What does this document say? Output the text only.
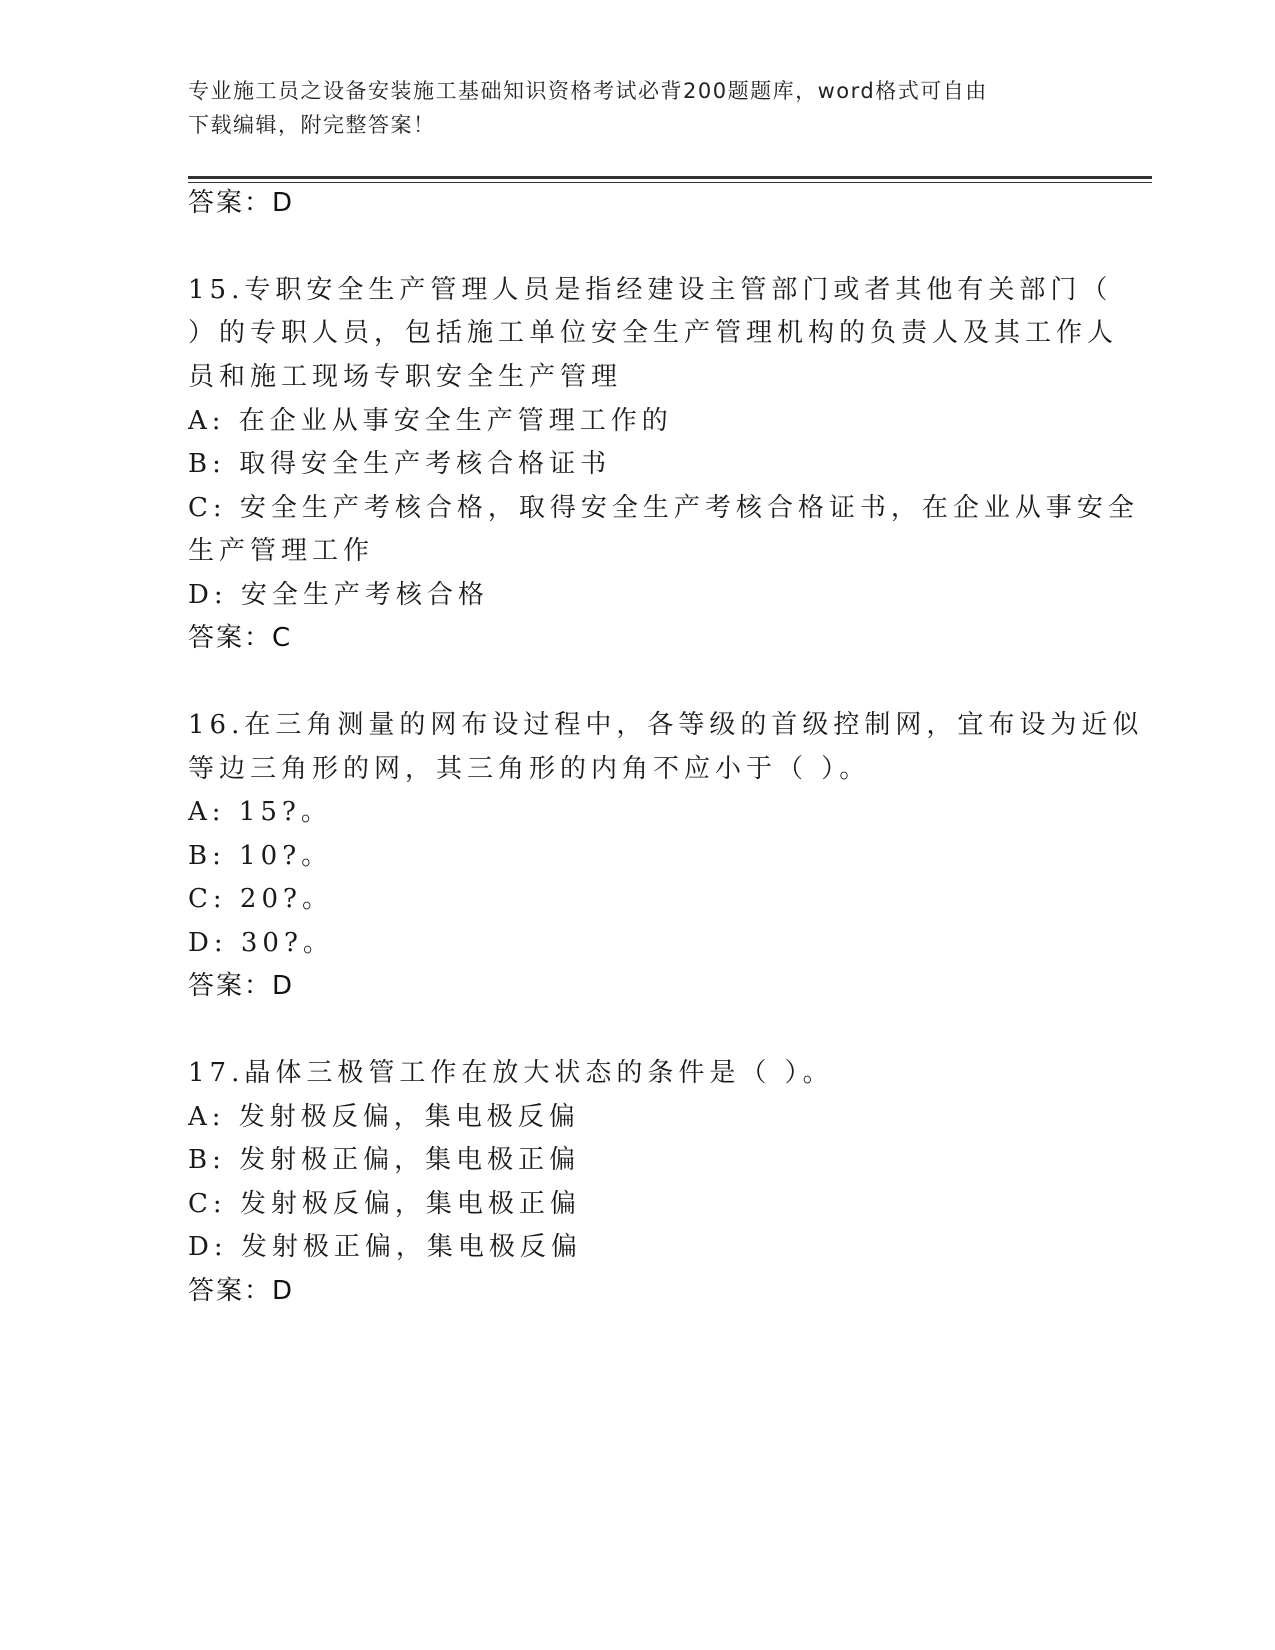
专业施工员之设备安装施工基础知识资格考试必背200题题库，word格式可自由
下载编辑，附完整答案！
答案：D
15.专职安全生产管理人员是指经建设主管部门或者其他有关部门（
）的专职人员，包括施工单位安全生产管理机构的负责人及其工作人
员和施工现场专职安全生产管理
A: 在企业从事安全生产管理工作的
B: 取得安全生产考核合格证书
C: 安全生产考核合格，取得安全生产考核合格证书，在企业从事安全
生产管理工作
D: 安全生产考核合格
答案：C
16.在三角测量的网布设过程中，各等级的首级控制网，宜布设为近似
等边三角形的网，其三角形的内角不应小于（ ）。
A: 15?。
B: 10?。
C: 20?。
D: 30?。
答案：D
17.晶体三极管工作在放大状态的条件是（ ）。
A: 发射极反偏，集电极反偏
B: 发射极正偏，集电极正偏
C: 发射极反偏，集电极正偏
D: 发射极正偏，集电极反偏
答案：D
